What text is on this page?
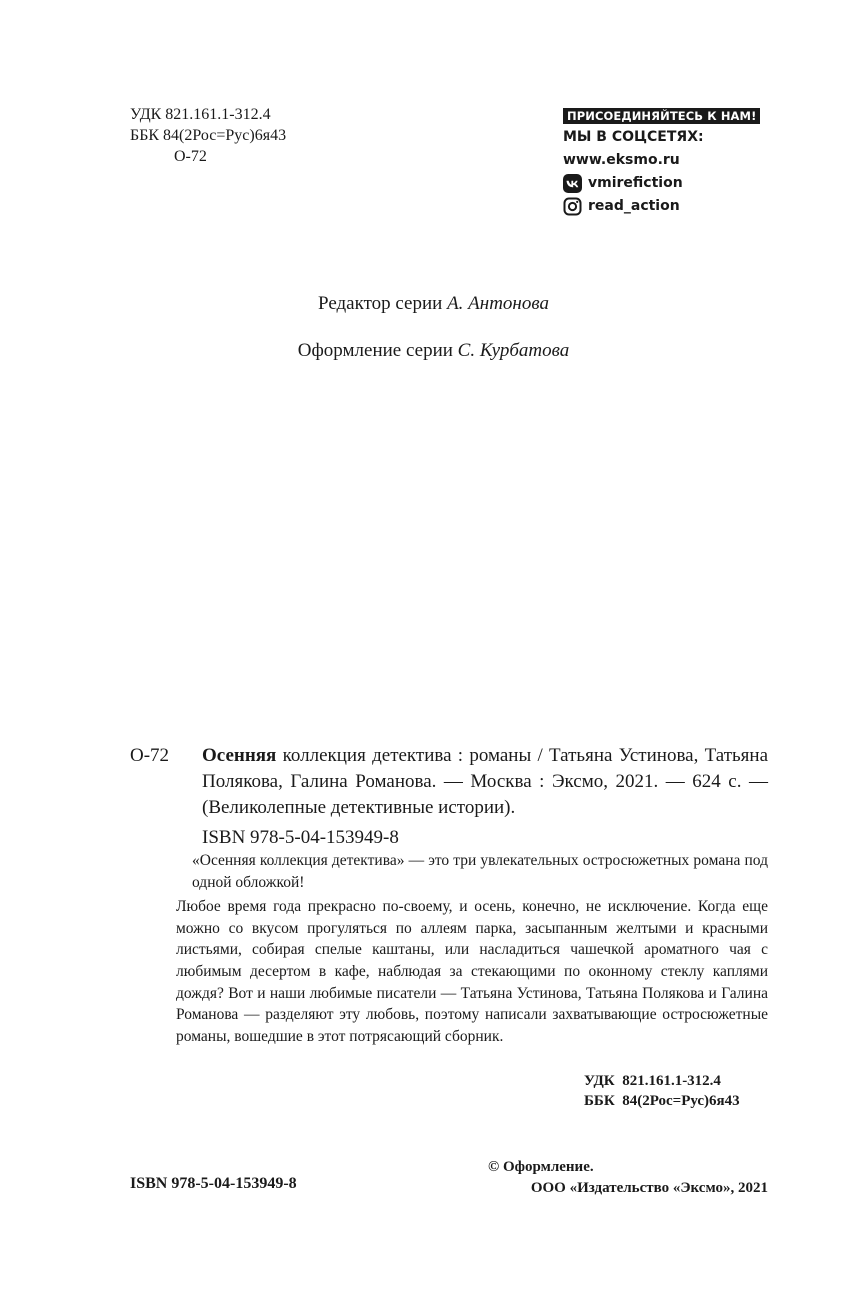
УДК 821.161.1-312.4
ББК 84(2Рос=Рус)6я43
О-72
ПРИСОЕДИНЯЙТЕСЬ К НАМ!
МЫ В СОЦСЕТЯХ:
www.eksmo.ru
vmirefiction
read_action
Редактор серии А. Антонова
Оформление серии С. Курбатова
О-72	Осенняя коллекция детектива : романы / Татьяна Устинова, Татьяна Полякова, Галина Романова. — Москва : Эксмо, 2021. — 624 с. — (Великолепные детективные истории).
ISBN 978-5-04-153949-8

«Осенняя коллекция детектива» — это три увлекательных остросюжетных романа под одной обложкой!

Любое время года прекрасно по-своему, и осень, конечно, не исключение. Когда еще можно со вкусом прогуляться по аллеям парка, засыпанным желтыми и красными листьями, собирая спелые каштаны, или насладиться чашечкой ароматного чая с любимым десертом в кафе, наблюдая за стекающими по оконному стеклу каплями дождя? Вот и наши любимые писатели — Татьяна Устинова, Татьяна Полякова и Галина Романова — разделяют эту любовь, поэтому написали захватывающие остросюжетные романы, вошедшие в этот потрясающий сборник.

УДК  821.161.1-312.4
ББК  84(2Рос=Рус)6я43
ISBN 978-5-04-153949-8
© Оформление.
ООО «Издательство «Эксмо», 2021
